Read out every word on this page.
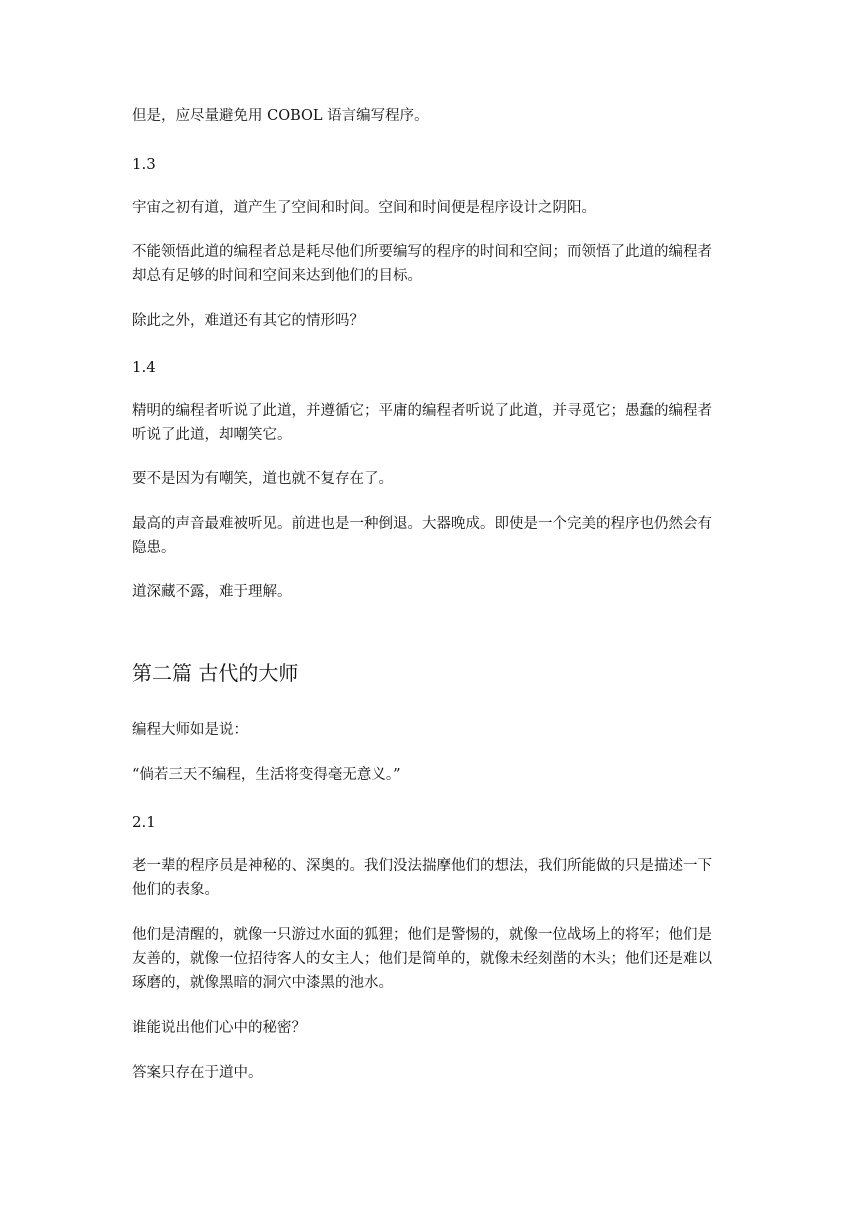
但是，应尽量避免用 COBOL 语言编写程序。

1.3

宇宙之初有道，道产生了空间和时间。空间和时间便是程序设计之阴阳。

不能领悟此道的编程者总是耗尽他们所要编写的程序的时间和空间；而领悟了此道的编程者
却总有足够的时间和空间来达到他们的目标。

除此之外，难道还有其它的情形吗？

1.4

精明的编程者听说了此道，并遵循它；平庸的编程者听说了此道，并寻觅它；愚蠢的编程者
听说了此道，却嘲笑它。

要不是因为有嘲笑，道也就不复存在了。

最高的声音最难被听见。前进也是一种倒退。大器晚成。即使是一个完美的程序也仍然会有
隐患。

道深藏不露，难于理解。

第二篇 古代的大师

编程大师如是说：

“倘若三天不编程，生活将变得毫无意义。”

2.1

老一辈的程序员是神秘的、深奥的。我们没法揣摩他们的想法，我们所能做的只是描述一下
他们的表象。
他们是清醒的，就像一只游过水面的狐狸；他们是警惕的，就像一位战场上的将军；他们是
友善的，就像一位招待客人的女主人；他们是简单的，就像未经刻凿的木头；他们还是难以
琢磨的，就像黑暗的洞穴中漆黑的池水。

谁能说出他们心中的秘密？

答案只存在于道中。
